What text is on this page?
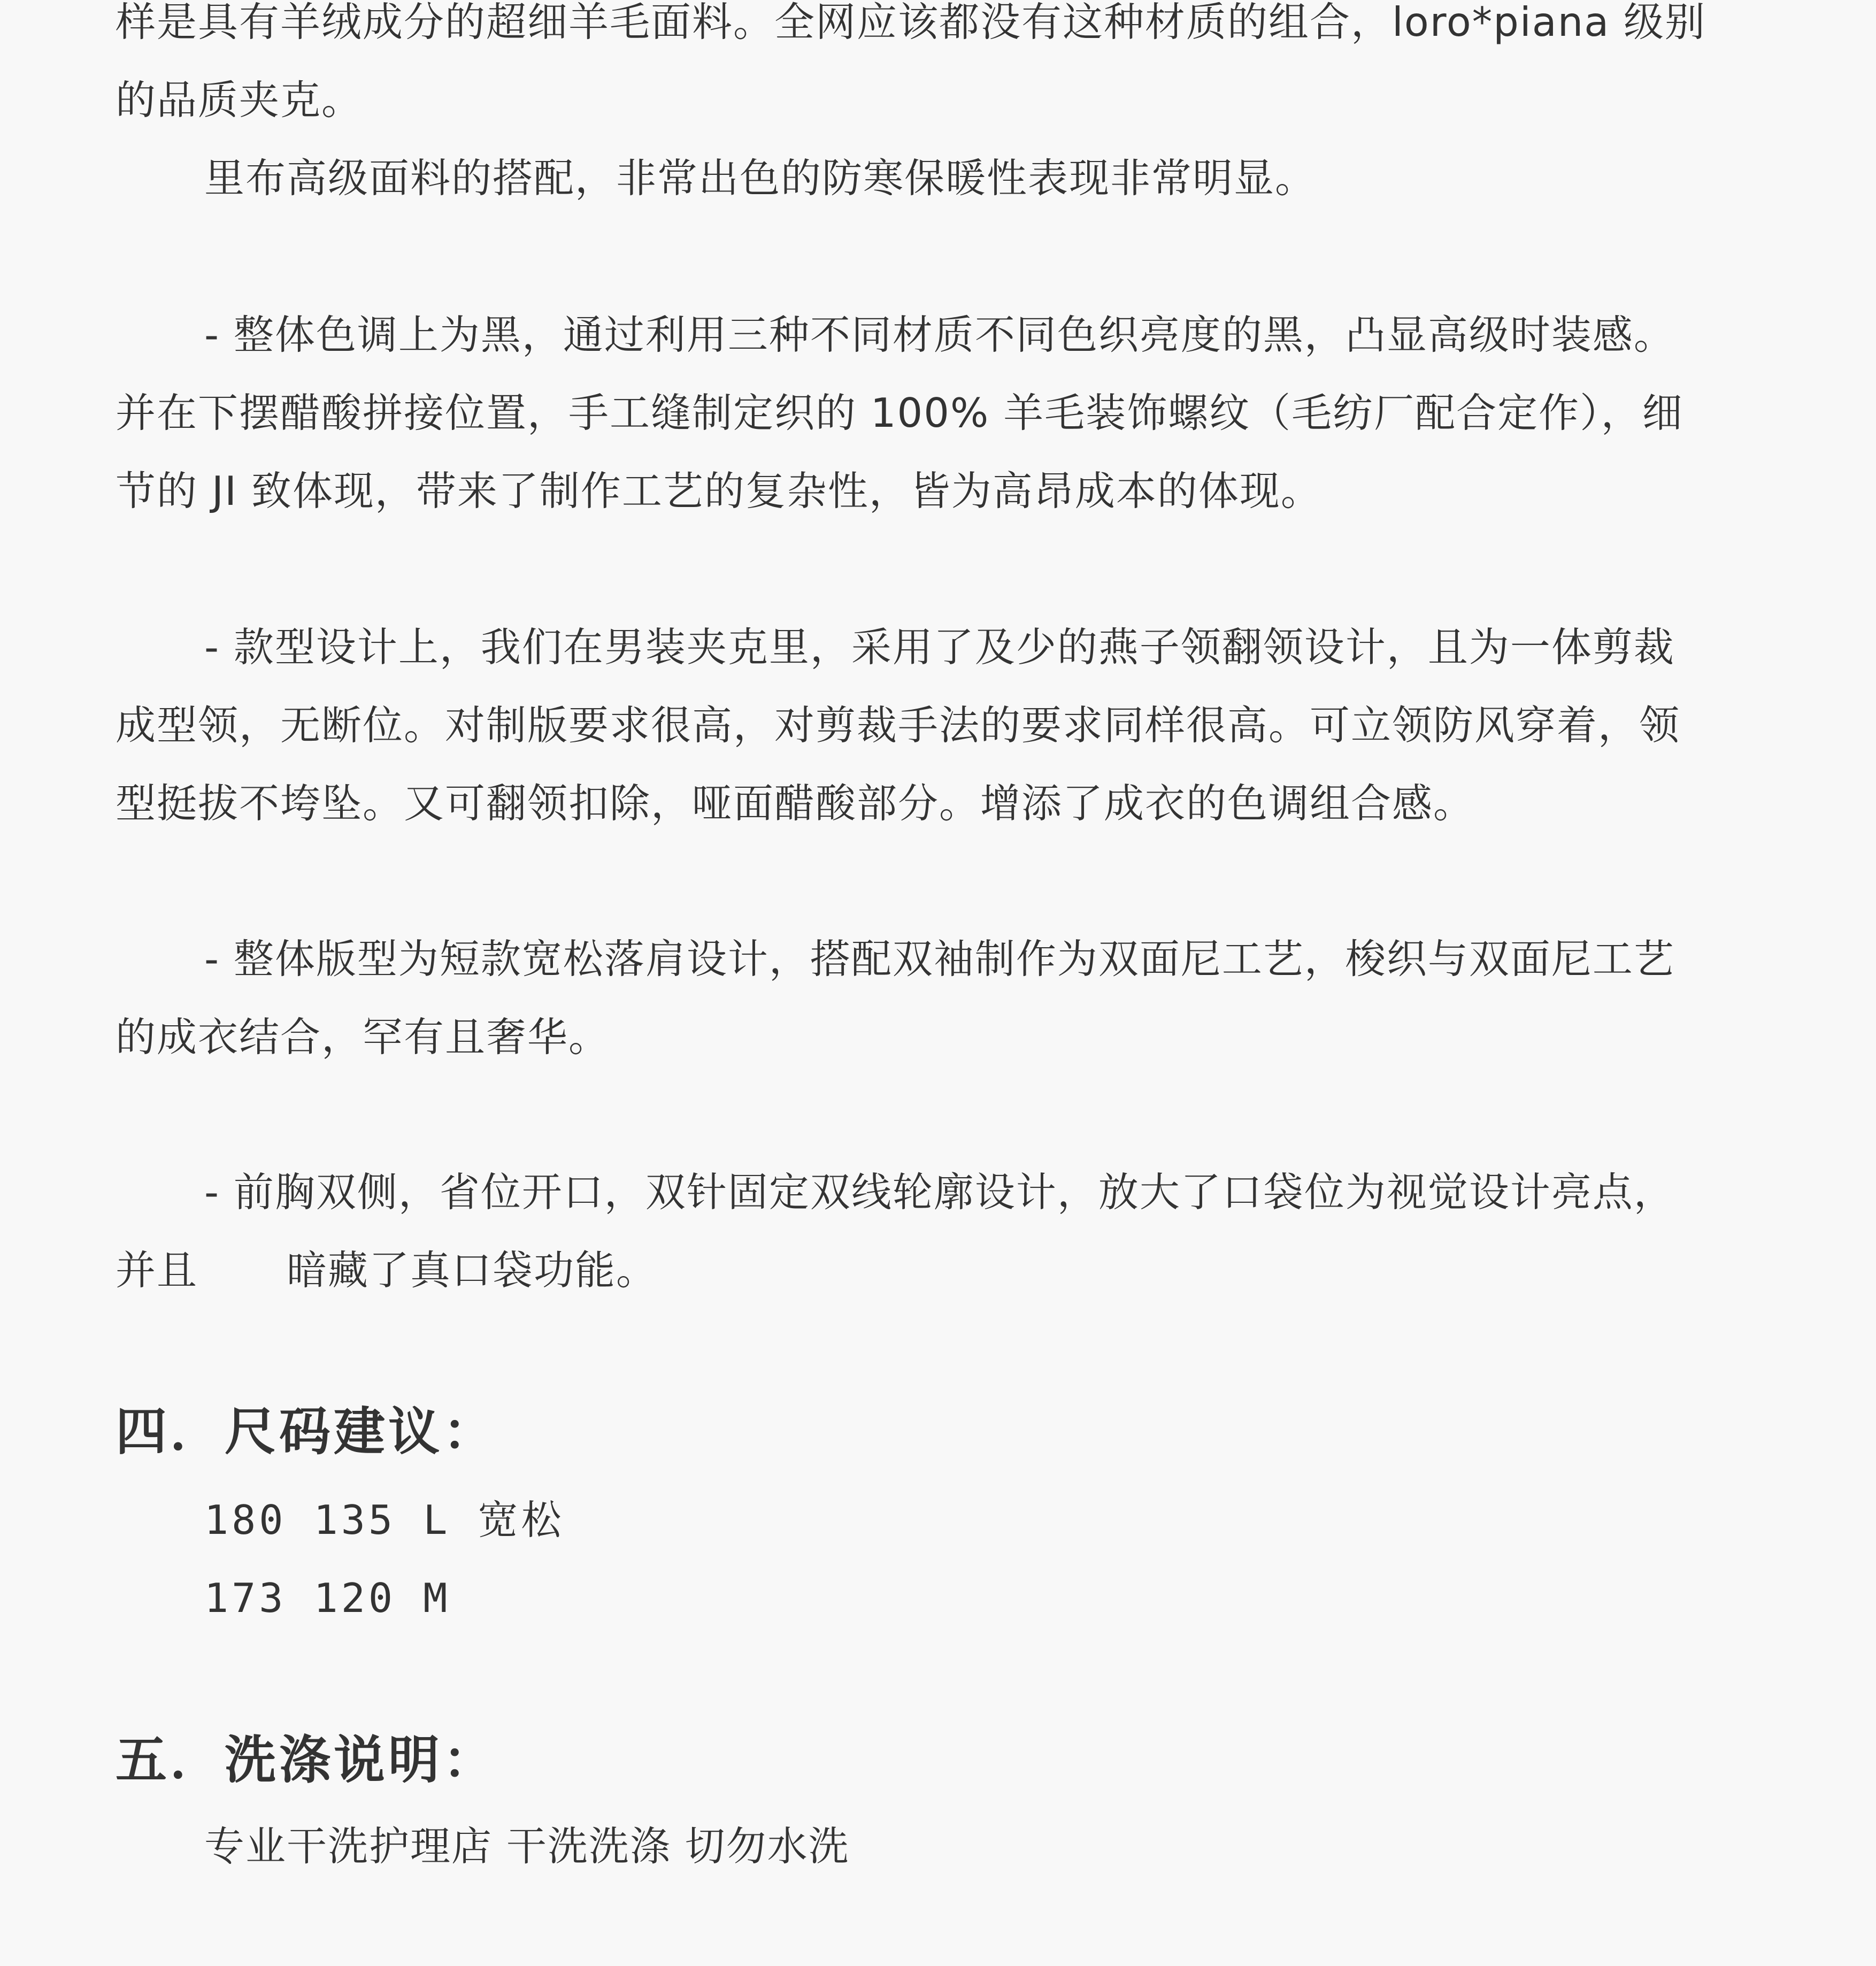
样是具有羊绒成分的超细羊毛面料。全网应该都没有这种材质的组合，loro*piana 级别
的品质夹克。
里布高级面料的搭配，非常出色的防寒保暖性表现非常明显。
- 整体色调上为黑，通过利用三种不同材质不同色织亮度的黑，凸显高级时装感。
并在下摆醋酸拼接位置，手工缝制定织的 100% 羊毛装饰螺纹（毛纺厂配合定作），细
节的 JI 致体现，带来了制作工艺的复杂性，皆为高昂成本的体现。
- 款型设计上，我们在男装夹克里，采用了及少的燕子领翻领设计，且为一体剪裁
成型领，无断位。对制版要求很高，对剪裁手法的要求同样很高。可立领防风穿着，领
型挺拔不垮坠。又可翻领扣除，哑面醋酸部分。增添了成衣的色调组合感。
- 整体版型为短款宽松落肩设计，搭配双袖制作为双面尼工艺，梭织与双面尼工艺
的成衣结合，罕有且奢华。
- 前胸双侧，省位开口，双针固定双线轮廓设计，放大了口袋位为视觉设计亮点，
并且 暗藏了真口袋功能。
四．尺码建议：
180 135 L 宽松
173 120 M
五．洗涤说明：
专业干洗护理店 干洗洗涤 切勿水洗
